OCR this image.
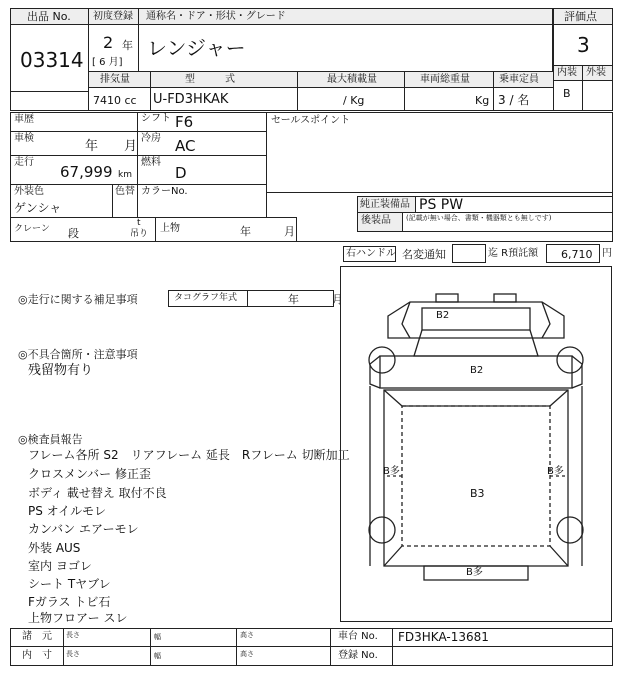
出品 No.
03314
初度登録 通称名・ドア・形状・グレード
2 年
[ 6 月]
レンジャー
評価点
3
内装 外装
B
排気量	型　　　式	最大積載量	車両総重量	乗車定員
7410 cc U-FD3HKAK	/ Kg	Kg 3 / 名
車歴	シフト F6
車検
年　　月
冷房 AC
走行
67,999 km
燃料
D
外装色
ゲンシャ
色替 カラーNo.
セールスポイント
純正装備品 PS PW
後装品 (記載が無い場合、書類・機器類とも無しです)
クレーン 段
t
吊り 上物	年　　　月
右ハンドル 名変通知	迄 R預託額 6,710 円
◎走行に関する補足事項	タコグラフ年式	年　　　月
◎不具合箇所・注意事項
残留物有り
◎検査員報告
フレーム各所 S2　リアフレーム 延長　Rフレーム 切断加工
クロスメンバー 修正歪
ボディ 載せ替え 取付不良
PS オイルモレ
カンバン エアーモレ
外装 AUS
室内 ヨゴレ
シート Tヤブレ
Fガラス トビ石
上物フロアー スレ
B2
B2
B多	B多
B3
B多
諸　元 長さ	幅	高さ	車台 No. FD3HKA-13681
内　寸 長さ	幅	高さ	登録 No.
